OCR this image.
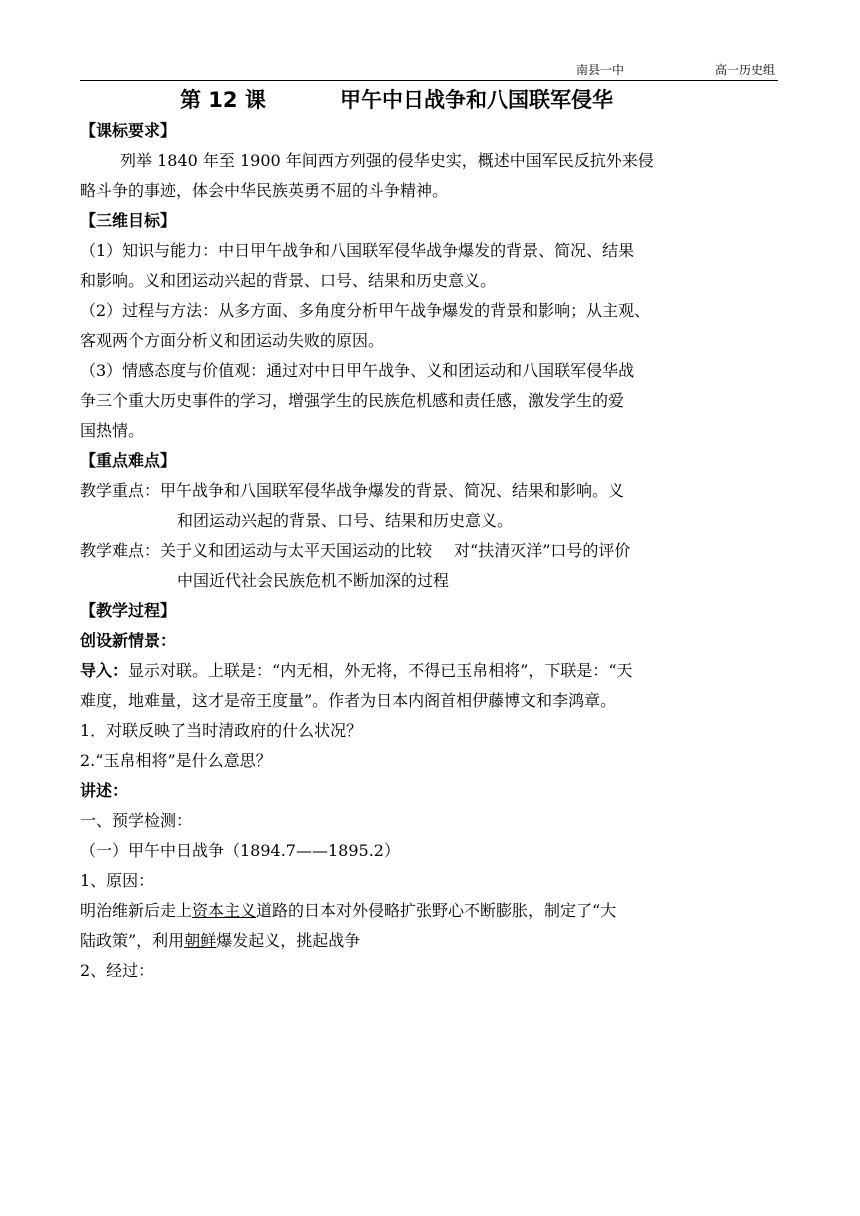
南县一中	高一历史组
第 12 课	甲午中日战争和八国联军侵华

【课标要求】

列举 1840 年至 1900 年间西方列强的侵华史实，概述中国军民反抗外来侵

略斗争的事迹，体会中华民族英勇不屈的斗争精神。

【三维目标】

（1）知识与能力：中日甲午战争和八国联军侵华战争爆发的背景、简况、结果

和影响。义和团运动兴起的背景、口号、结果和历史意义。

（2）过程与方法：从多方面、多角度分析甲午战争爆发的背景和影响；从主观、

客观两个方面分析义和团运动失败的原因。

（3）情感态度与价值观：通过对中日甲午战争、义和团运动和八国联军侵华战

争三个重大历史事件的学习，增强学生的民族危机感和责任感，激发学生的爱

国热情。

【重点难点】

教学重点：甲午战争和八国联军侵华战争爆发的背景、简况、结果和影响。义

和团运动兴起的背景、口号、结果和历史意义。

教学难点：关于义和团运动与太平天国运动的比较 对“扶清灭洋”口号的评价

中国近代社会民族危机不断加深的过程

【教学过程】

创设新情景：

导入：显示对联。上联是：“内无相，外无将，不得已玉帛相将”，下联是：“天

难度，地难量，这才是帝王度量”。作者为日本内阁首相伊藤博文和李鸿章。

1．对联反映了当时清政府的什么状况？

2.“玉帛相将”是什么意思？

讲述：

一、预学检测：

（一）甲午中日战争（1894.7——1895.2）

1、原因：

明治维新后走上资本主义道路的日本对外侵略扩张野心不断膨胀，制定了“大

陆政策”，利用朝鲜爆发起义，挑起战争

2、经过：
